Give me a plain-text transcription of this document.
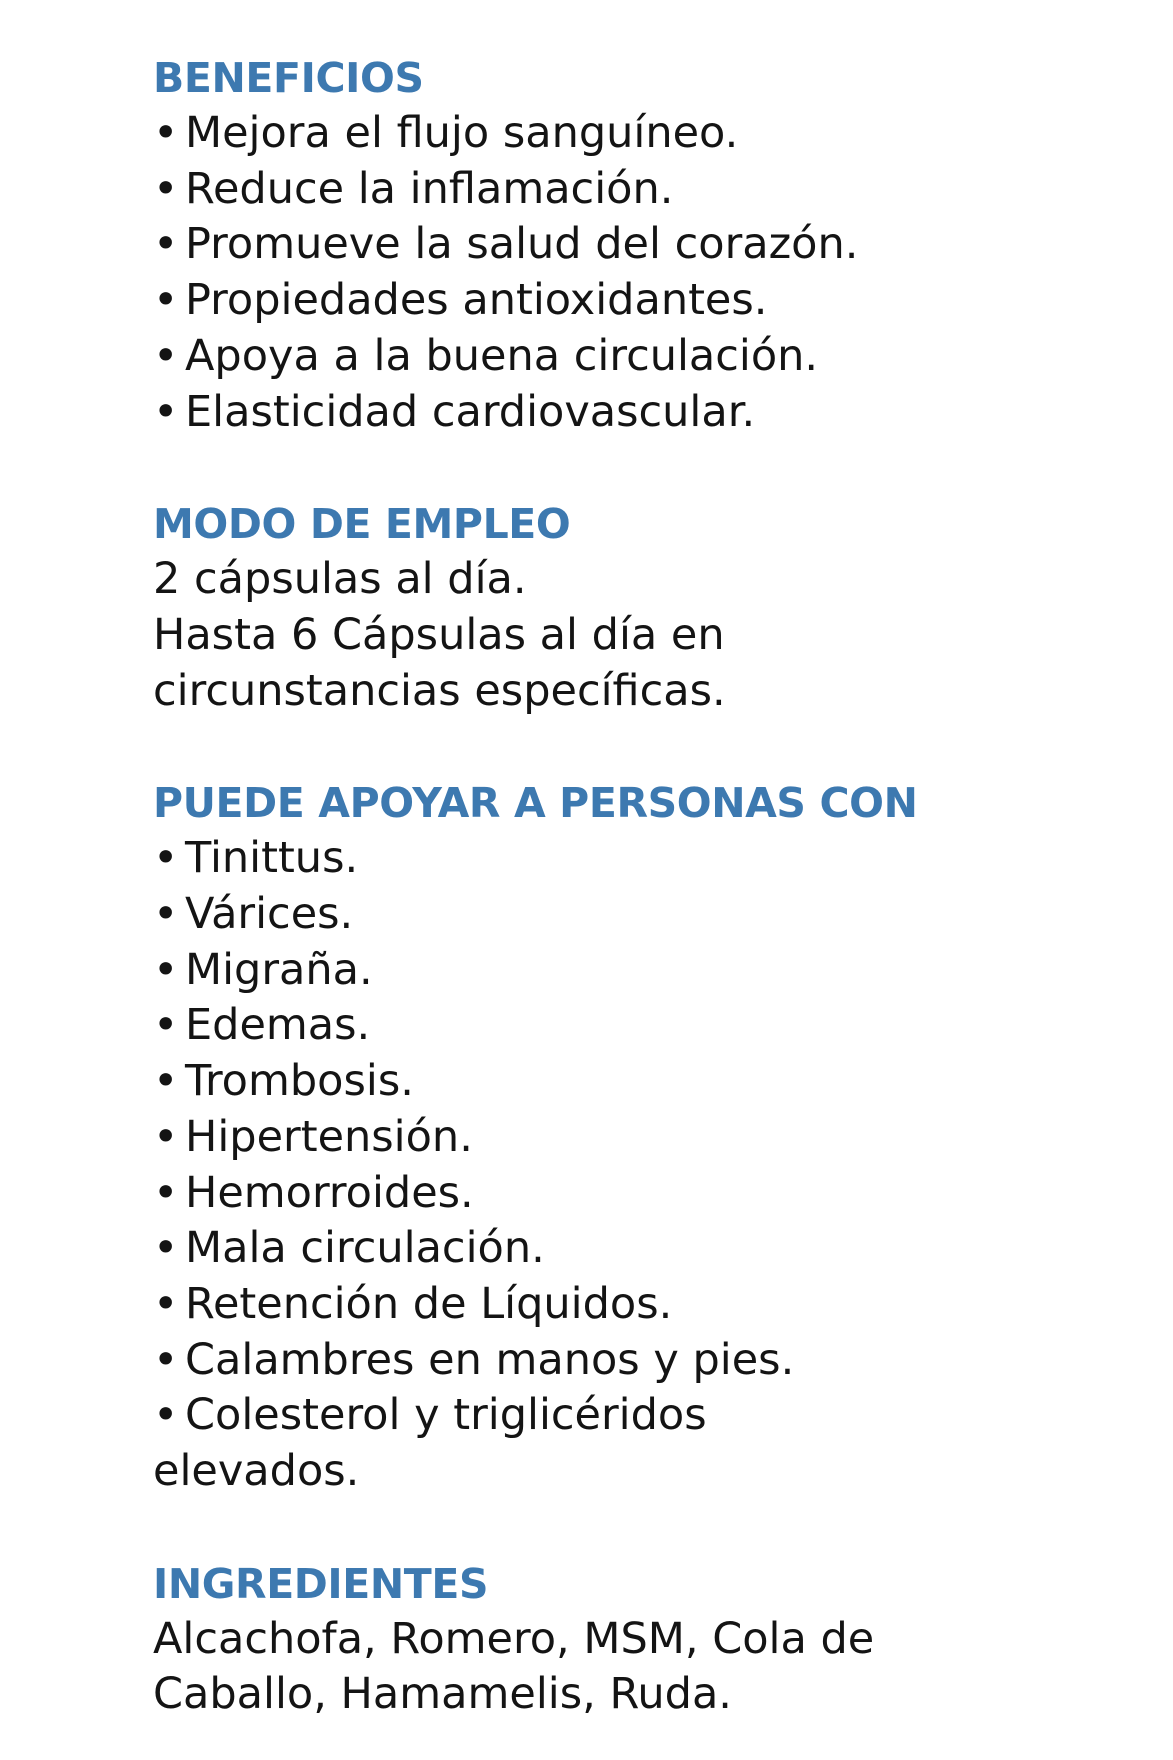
BENEFICIOS
• Mejora el flujo sanguíneo.
• Reduce la inflamación.
• Promueve la salud del corazón.
• Propiedades antioxidantes.
• Apoya a la buena circulación.
• Elasticidad cardiovascular.
MODO DE EMPLEO

2 cápsulas al día.

Hasta 6 Cápsulas al día en

circunstancias específicas.

PUEDE APOYAR A PERSONAS CON
• Tinittus.
• Várices.
• Migraña.
• Edemas.
• Trombosis.
• Hipertensión.
• Hemorroides.
• Mala circulación.
• Retención de Líquidos.
• Calambres en manos y pies.
• Colesterol y triglicéridos

elevados.

INGREDIENTES

Alcachofa, Romero, MSM, Cola de

Caballo, Hamamelis, Ruda.
